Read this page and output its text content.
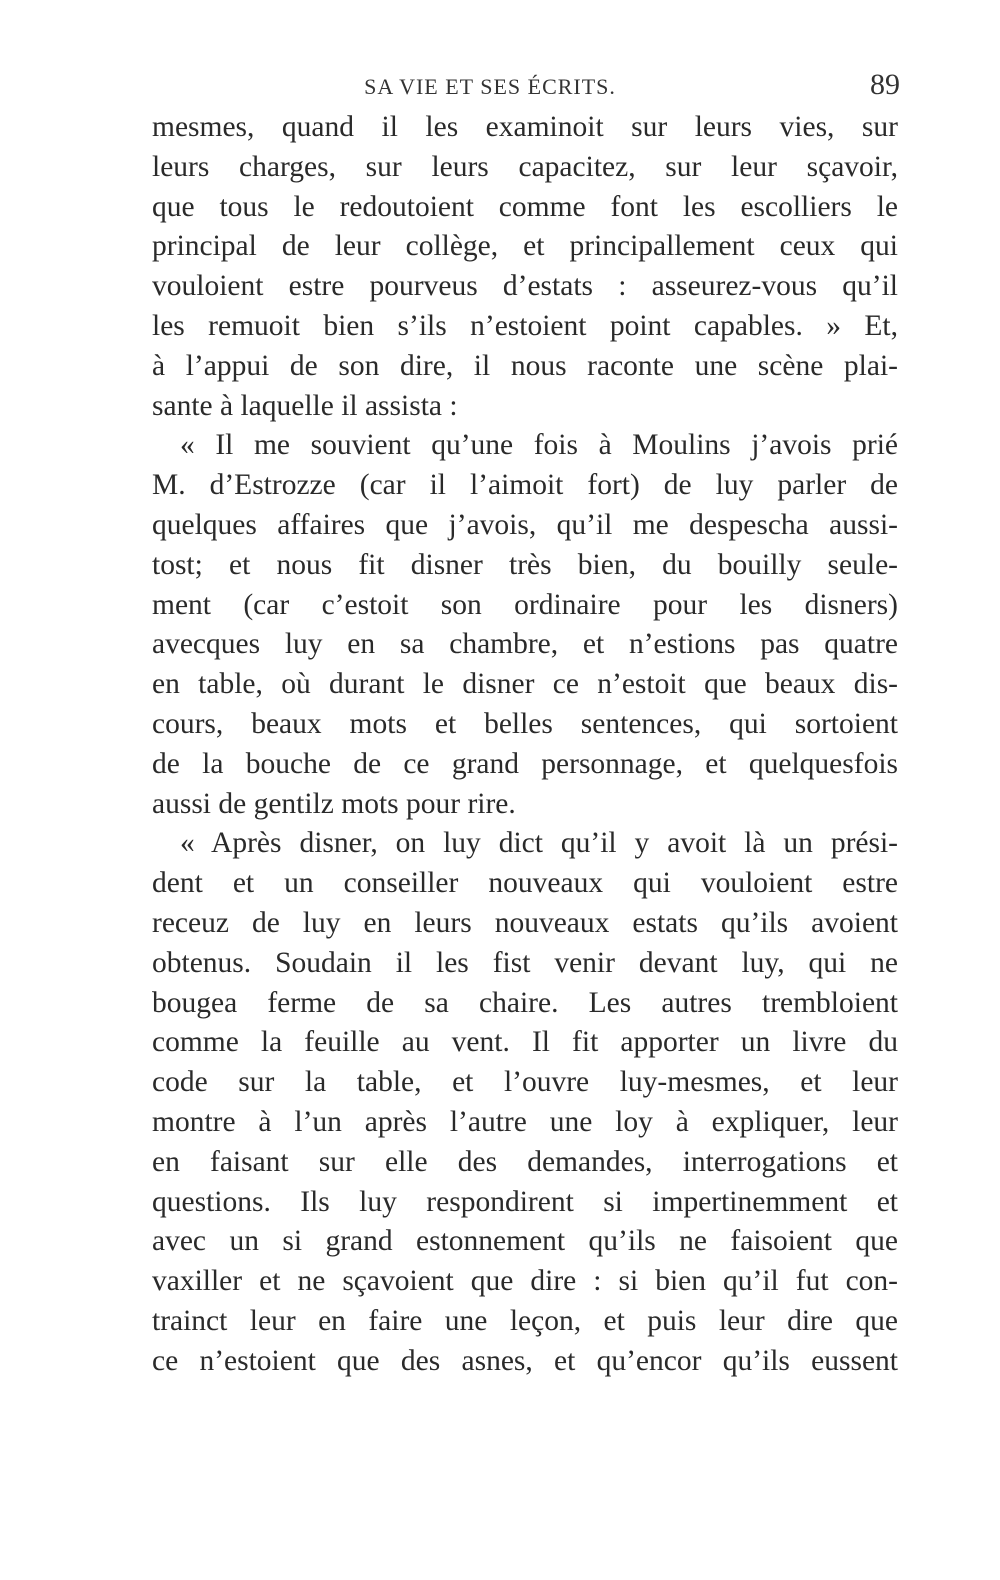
SA VIE ET SES ÉCRITS.	89
mesmes, quand il les examinoit sur leurs vies, sur
leurs charges, sur leurs capacitez, sur leur sçavoir,
que tous le redoutoient comme font les escolliers le
principal de leur collège, et principallement ceux qui
vouloient estre pourveus d’estats : asseurez-vous qu’il
les remuoit bien s’ils n’estoient point capables. » Et,
à l’appui de son dire, il nous raconte une scène plai-
sante à laquelle il assista :
« Il me souvient qu’une fois à Moulins j’avois prié
M. d’Estrozze (car il l’aimoit fort) de luy parler de
quelques affaires que j’avois, qu’il me despescha aussi-
tost; et nous fit disner très bien, du bouilly seule-
ment (car c’estoit son ordinaire pour les disners)
avecques luy en sa chambre, et n’estions pas quatre
en table, où durant le disner ce n’estoit que beaux dis-
cours, beaux mots et belles sentences, qui sortoient
de la bouche de ce grand personnage, et quelquesfois
aussi de gentilz mots pour rire.
« Après disner, on luy dict qu’il y avoit là un prési-
dent et un conseiller nouveaux qui vouloient estre
receuz de luy en leurs nouveaux estats qu’ils avoient
obtenus. Soudain il les fist venir devant luy, qui ne
bougea ferme de sa chaire. Les autres trembloient
comme la feuille au vent. Il fit apporter un livre du
code sur la table, et l’ouvre luy-mesmes, et leur
montre à l’un après l’autre une loy à expliquer, leur
en faisant sur elle des demandes, interrogations et
questions. Ils luy respondirent si impertinemment et
avec un si grand estonnement qu’ils ne faisoient que
vaxiller et ne sçavoient que dire : si bien qu’il fut con-
trainct leur en faire une leçon, et puis leur dire que
ce n’estoient que des asnes, et qu’encor qu’ils eussent
